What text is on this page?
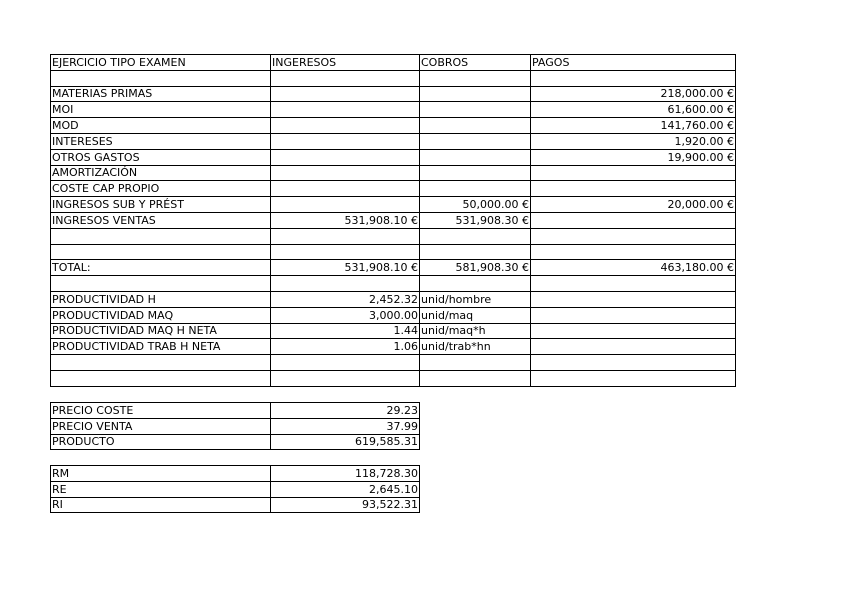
EJERCICIO TIPO EXAMEN	INGERESOS	COBROS	PAGOS

MATERIAS PRIMAS			218,000.00 €
MOI			61,600.00 €
MOD			141,760.00 €
INTERESES			1,920.00 €
OTROS GASTOS			19,900.00 €
AMORTIZACIÓN			
COSTE CAP PROPIO			
INGRESOS SUB Y PRÉST		50,000.00 €	20,000.00 €
INGRESOS VENTAS	531,908.10 €	531,908.30 €	

TOTAL:	531,908.10 €	581,908.30 €	463,180.00 €

PRODUCTIVIDAD H	2,452.32	unid/hombre	
PRODUCTIVIDAD MAQ	3,000.00	unid/maq	
PRODUCTIVIDAD MAQ H NETA	1.44	unid/maq*h	
PRODUCTIVIDAD TRAB H NETA	1.06	unid/trab*hn	

PRECIO COSTE	29.23
PRECIO VENTA	37.99
PRODUCTO	619,585.31
RM	118,728.30
RE	2,645.10
RI	93,522.31
